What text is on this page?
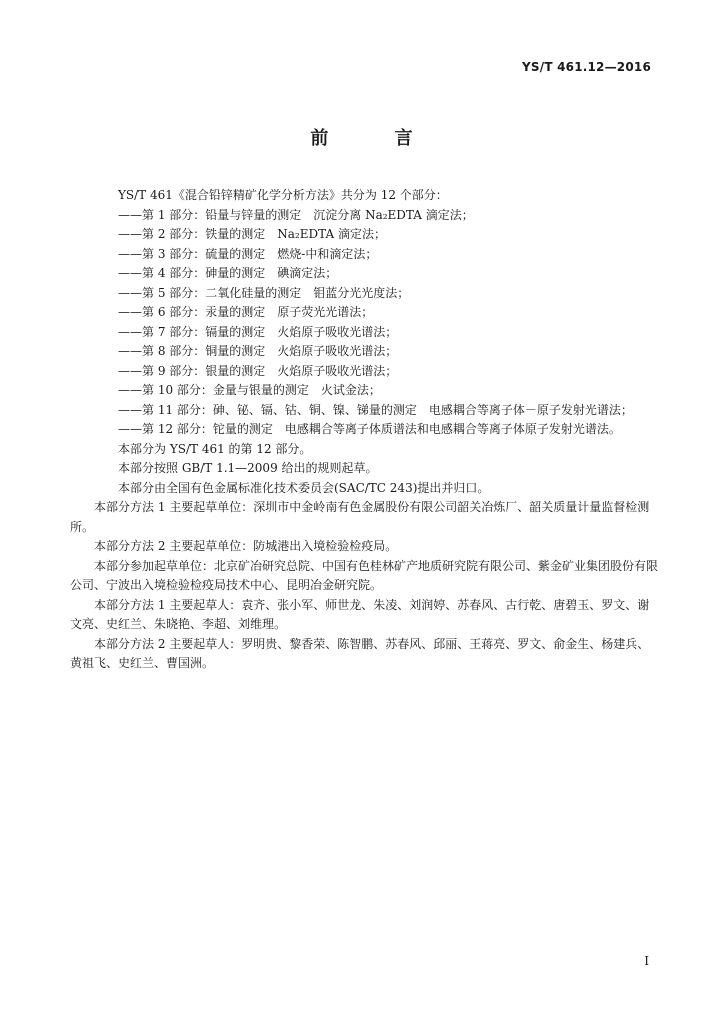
YS/T 461.12—2016
前 言

YS/T 461《混合铅锌精矿化学分析方法》共分为 12 个部分：

——第 1 部分：铅量与锌量的测定　沉淀分离 Na₂EDTA 滴定法；

——第 2 部分：铁量的测定　Na₂EDTA 滴定法；

——第 3 部分：硫量的测定　燃烧-中和滴定法；

——第 4 部分：砷量的测定　碘滴定法；

——第 5 部分：二氧化硅量的测定　钼蓝分光光度法；

——第 6 部分：汞量的测定　原子荧光光谱法；

——第 7 部分：镉量的测定　火焰原子吸收光谱法；

——第 8 部分：铜量的测定　火焰原子吸收光谱法；

——第 9 部分：银量的测定　火焰原子吸收光谱法；

——第 10 部分：金量与银量的测定　火试金法；

——第 11 部分：砷、铋、镉、钴、铜、镍、锑量的测定　电感耦合等离子体－原子发射光谱法；

——第 12 部分：铊量的测定　电感耦合等离子体质谱法和电感耦合等离子体原子发射光谱法。

本部分为 YS/T 461 的第 12 部分。

本部分按照 GB/T 1.1—2009 给出的规则起草。

本部分由全国有色金属标准化技术委员会(SAC/TC 243)提出并归口。

本部分方法 1 主要起草单位：深圳市中金岭南有色金属股份有限公司韶关冶炼厂、韶关质量计量监督检测所。

本部分方法 2 主要起草单位：防城港出入境检验检疫局。

本部分参加起草单位：北京矿冶研究总院、中国有色桂林矿产地质研究院有限公司、紫金矿业集团股份有限公司、宁波出入境检验检疫局技术中心、昆明冶金研究院。

本部分方法 1 主要起草人：袁齐、张小军、师世龙、朱凌、刘润婷、苏春风、古行乾、唐碧玉、罗文、谢文亮、史红兰、朱晓艳、李超、刘维理。

本部分方法 2 主要起草人：罗明贵、黎香荣、陈智鹏、苏春风、邱丽、王蒋亮、罗文、俞金生、杨建兵、黄祖飞、史红兰、曹国洲。

I
